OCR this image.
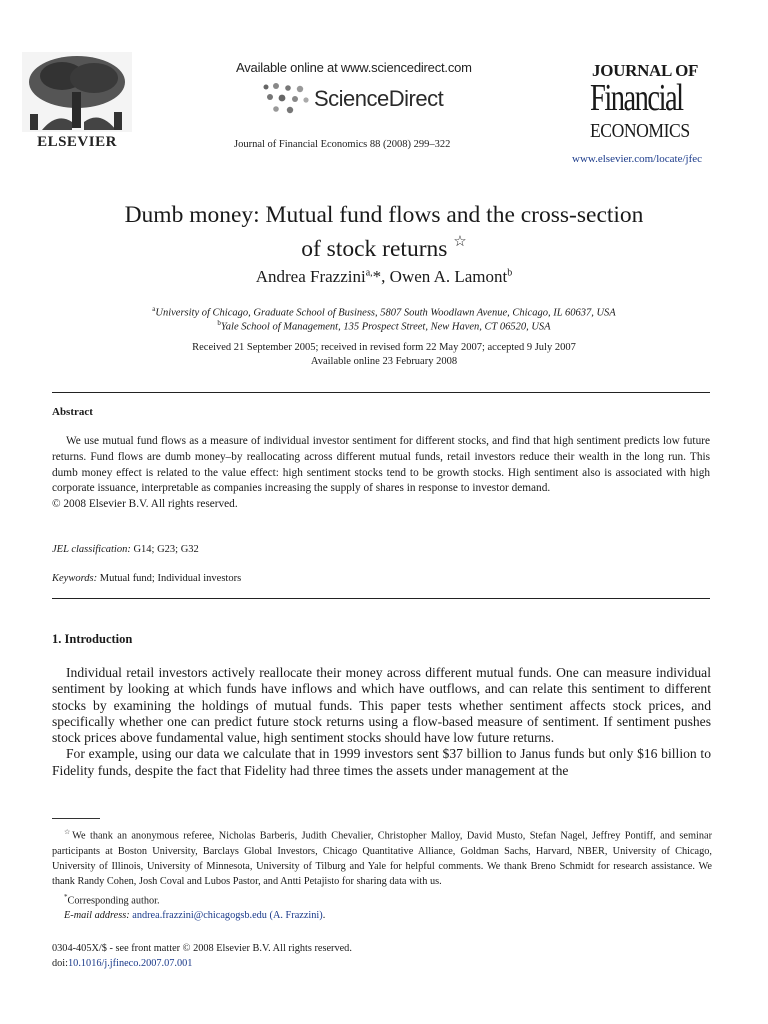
ELSEVIER
Available online at www.sciencedirect.com
ScienceDirect
Journal of Financial Economics 88 (2008) 299–322
JOURNAL OF
Financial
ECONOMICS
www.elsevier.com/locate/jfec
Dumb money: Mutual fund flows and the cross-section
of stock returns ☆
Andrea Frazzini$^{a,}$*, Owen A. Lamont$^b$
$^a$University of Chicago, Graduate School of Business, 5807 South Woodlawn Avenue, Chicago, IL 60637, USA
$^b$Yale School of Management, 135 Prospect Street, New Haven, CT 06520, USA
Received 21 September 2005; received in revised form 22 May 2007; accepted 9 July 2007
Available online 23 February 2008
Abstract

We use mutual fund flows as a measure of individual investor sentiment for different stocks, and find that high sentiment predicts low future returns. Fund flows are dumb money–by reallocating across different mutual funds, retail investors reduce their wealth in the long run. This dumb money effect is related to the value effect: high sentiment stocks tend to be growth stocks. High sentiment also is associated with high corporate issuance, interpretable as companies increasing the supply of shares in response to investor demand.

© 2008 Elsevier B.V. All rights reserved.
JEL classification: G14; G23; G32
Keywords: Mutual fund; Individual investors
1. Introduction

Individual retail investors actively reallocate their money across different mutual funds. One can measure individual sentiment by looking at which funds have inflows and which have outflows, and can relate this sentiment to different stocks by examining the holdings of mutual funds. This paper tests whether sentiment affects stock prices, and specifically whether one can predict future stock returns using a flow-based measure of sentiment. If sentiment pushes stock prices above fundamental value, high sentiment stocks should have low future returns.

For example, using our data we calculate that in 1999 investors sent $37 billion to Janus funds but only $16 billion to Fidelity funds, despite the fact that Fidelity had three times the assets under management at the

☆We thank an anonymous referee, Nicholas Barberis, Judith Chevalier, Christopher Malloy, David Musto, Stefan Nagel, Jeffrey Pontiff, and seminar participants at Boston University, Barclays Global Investors, Chicago Quantitative Alliance, Goldman Sachs, Harvard, NBER, University of Chicago, University of Illinois, University of Minnesota, University of Tilburg and Yale for helpful comments. We thank Breno Schmidt for research assistance. We thank Randy Cohen, Josh Coval and Lubos Pastor, and Antti Petajisto for sharing data with us.

*Corresponding author.

E-mail address: andrea.frazzini@chicagogsb.edu (A. Frazzini).

0304-405X/$ - see front matter © 2008 Elsevier B.V. All rights reserved.
doi:10.1016/j.jfineco.2007.07.001
